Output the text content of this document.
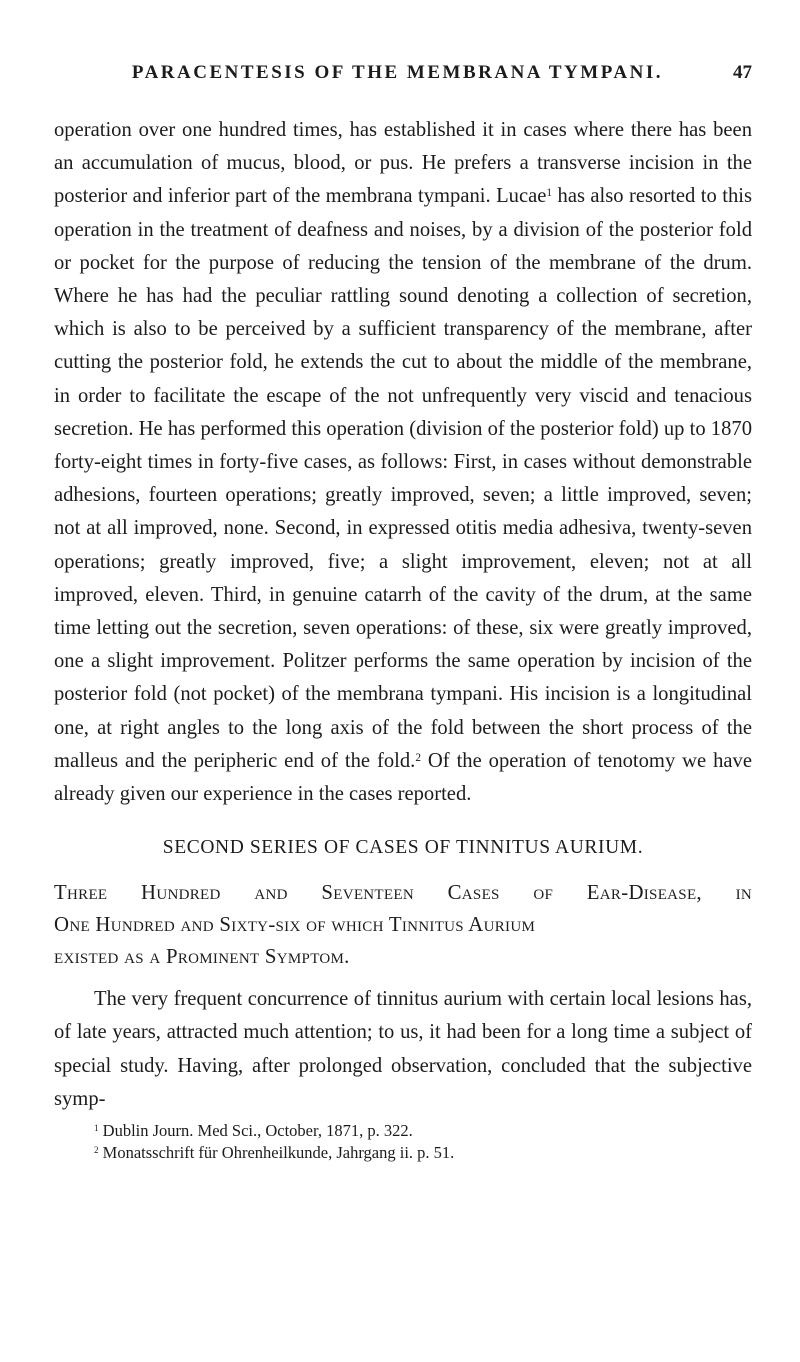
PARACENTESIS OF THE MEMBRANA TYMPANI.	47

operation over one hundred times, has established it in cases where there has been an accumulation of mucus, blood, or pus. He prefers a transverse incision in the posterior and inferior part of the membrana tympani. Lucae$^1$ has also resorted to this operation in the treatment of deafness and noises, by a division of the posterior fold or pocket for the purpose of reducing the tension of the membrane of the drum. Where he has had the peculiar rattling sound denoting a collection of secretion, which is also to be perceived by a sufficient transparency of the membrane, after cutting the posterior fold, he extends the cut to about the middle of the membrane, in order to facilitate the escape of the not unfrequently very viscid and tenacious secretion. He has performed this operation (division of the posterior fold) up to 1870 forty-eight times in forty-five cases, as follows: First, in cases without demonstrable adhesions, fourteen operations; greatly improved, seven; a little improved, seven; not at all improved, none. Second, in expressed otitis media adhesiva, twenty-seven operations; greatly improved, five; a slight improvement, eleven; not at all improved, eleven. Third, in genuine catarrh of the cavity of the drum, at the same time letting out the secretion, seven operations: of these, six were greatly improved, one a slight improvement. Politzer performs the same operation by incision of the posterior fold (not pocket) of the membrana tympani. His incision is a longitudinal one, at right angles to the long axis of the fold between the short process of the malleus and the peripheric end of the fold.$^2$ Of the operation of tenotomy we have already given our experience in the cases reported.

SECOND SERIES OF CASES OF TINNITUS AURIUM.
Three Hundred and Seventeen Cases of Ear-Disease, in
One Hundred and Sixty-six of which Tinnitus Aurium
existed as a Prominent Symptom.

The very frequent concurrence of tinnitus aurium with certain local lesions has, of late years, attracted much attention; to us, it had been for a long time a subject of special study. Having, after prolonged observation, concluded that the subjective symp-

$^1$ Dublin Journ. Med Sci., October, 1871, p. 322.
$^2$ Monatsschrift für Ohrenheilkunde, Jahrgang ii. p. 51.
